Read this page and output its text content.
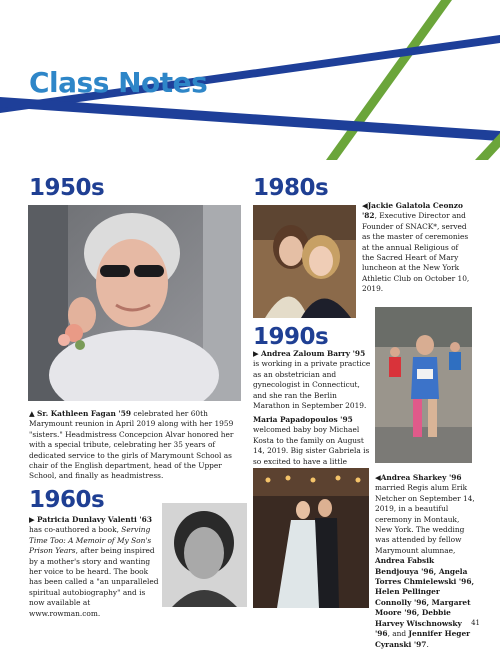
Class Notes
1950s
▲ Sr. Kathleen Fagan '59 celebrated her 60th Marymount reunion in April 2019 along with her 1959 "sisters." Headmistress Concepcion Alvar honored her with a special tribute, celebrating her 35 years of dedicated service to the girls of Marymount School as chair of the English department, head of the Upper School, and finally as headmistress.
1960s
▶ Patricia Dunlavy Valenti '63 has co-authored a book, Serving Time Too: A Memoir of My Son's Prison Years, after being inspired by a mother's story and wanting her voice to be heard. The book has been called a "an unparalleled spiritual autobiography" and is now available at www.rowman.com.
1980s
◀Jackie Galatola Ceonzo '82, Executive Director and Founder of SNACK*, served as the master of ceremonies at the annual Religious of the Sacred Heart of Mary luncheon at the New York Athletic Club on October 10, 2019.
1990s
▶ Andrea Zaloum Barry '95 is working in a private practice as an obstetrician and gynecologist in Connecticut, and she ran the Berlin Marathon in September 2019.
Maria Papadopoulos '95 welcomed baby boy Michael Kosta to the family on August 14, 2019. Big sister Gabriela is so excited to have a little
◀Andrea Sharkey '96 married Regis alum Erik Netcher on September 14, 2019, in a beautiful ceremony in Montauk, New York. The wedding was attended by fellow Marymount alumnae, Andrea Fabsik Bendjouya '96, Angela Torres Chmielewski '96, Helen Pellinger Connolly '96, Margaret Moore '96, Debbie Harvey Wischnowsky '96, and Jennifer Heger Cyranski '97.
41
